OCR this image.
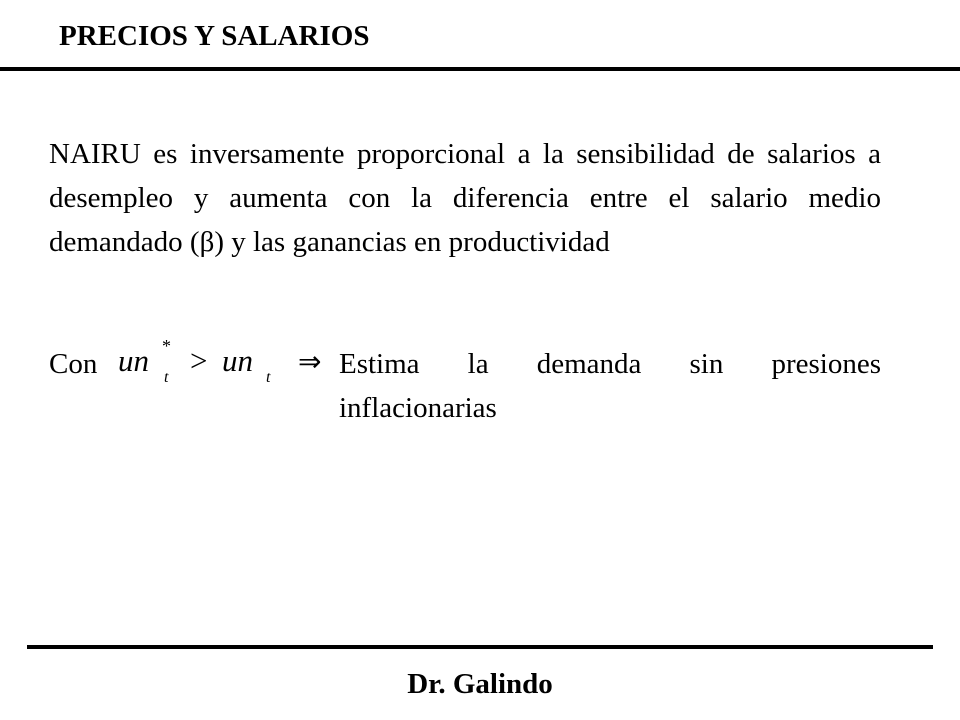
PRECIOS Y SALARIOS
NAIRU es inversamente proporcional a la sensibilidad de salarios a desempleo y aumenta con la diferencia entre el salario medio demandado (β) y las ganancias en productividad
Con un *
t > un t ⇒ Estima la demanda sin presiones
inflacionarias
Dr. Galindo
